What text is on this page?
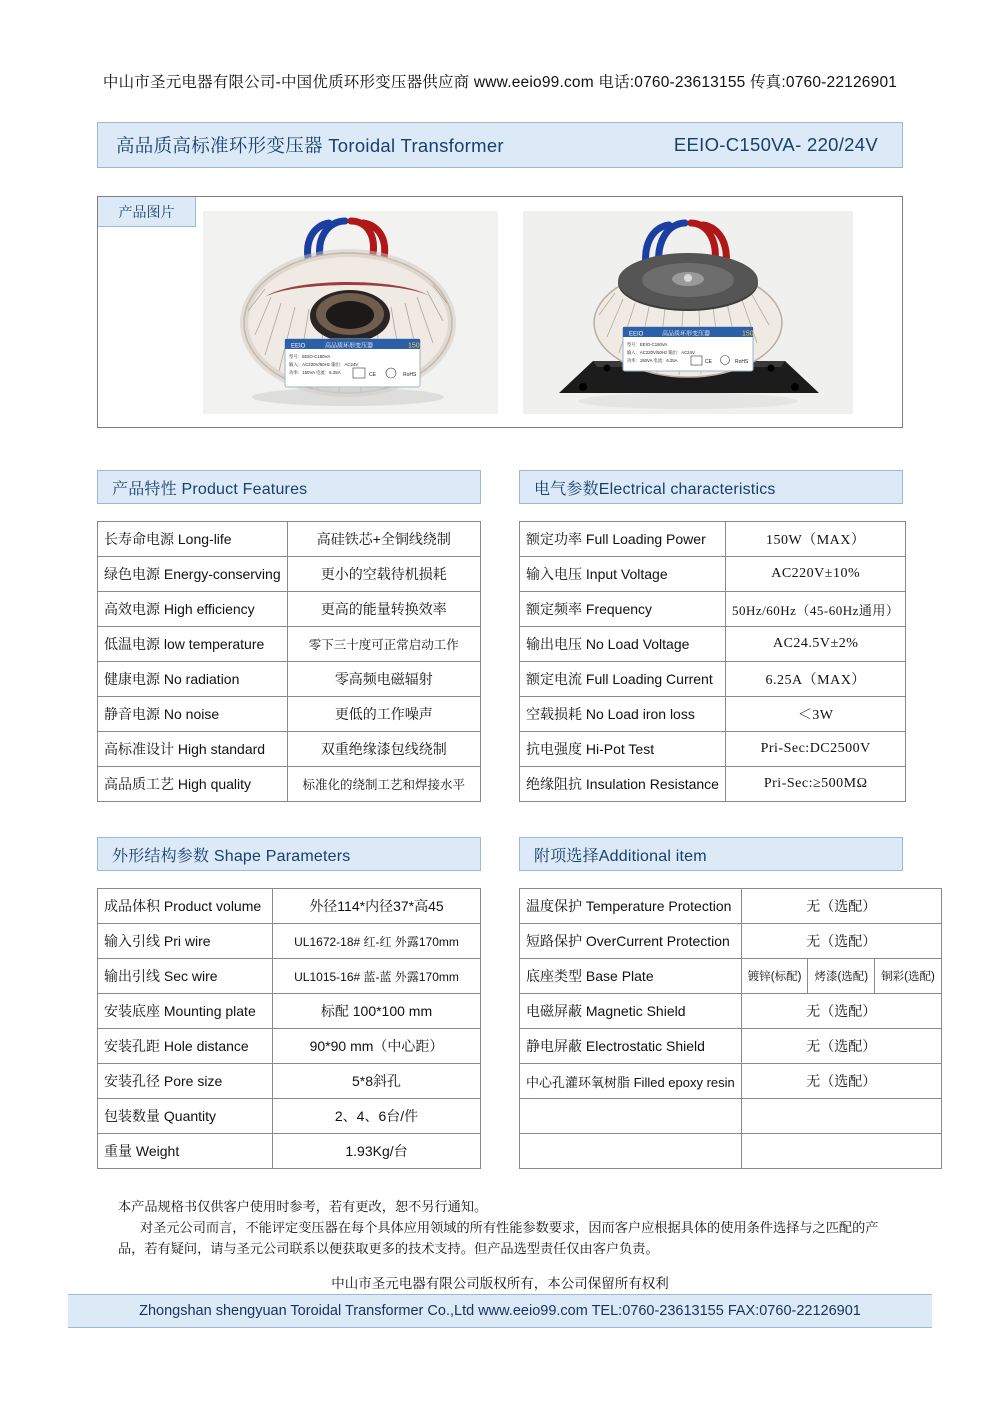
中山市圣元电器有限公司-中国优质环形变压器供应商 www.eeio99.com 电话:0760-23613155 传真:0760-22126901
高品质高标准环形变压器 Toroidal Transformer	EEIO-C150VA- 220/24V
产品图片
EEIO	高品质环形变压器	150
型号：EEIO-C150VA
输入：AC220V/50Hz 输出：AC24V
功率：150VA 电流：6.25A	CE	RoHS
EEIO	高品质环形变压器	150
型号：EEIO-C150VA
输入：AC220V/50Hz 输出：AC24V
功率：150VA 电流：6.25A	CE	RoHS
产品特性 Product Features
长寿命电源 Long-life	高硅铁芯+全铜线绕制
绿色电源 Energy-conserving	更小的空载待机损耗
高效电源 High efficiency	更高的能量转换效率
低温电源 low temperature	零下三十度可正常启动工作
健康电源 No radiation	零高频电磁辐射
静音电源 No noise	更低的工作噪声
高标准设计 High standard	双重绝缘漆包线绕制
高品质工艺 High quality	标准化的绕制工艺和焊接水平
电气参数Electrical characteristics
额定功率 Full Loading Power	150W（MAX）
输入电压 Input Voltage	AC220V±10%
额定频率 Frequency	50Hz/60Hz（45-60Hz通用）
输出电压 No Load Voltage	AC24.5V±2%
额定电流 Full Loading Current	6.25A（MAX）
空载损耗 No Load iron loss	＜3W
抗电强度 Hi-Pot Test	Pri-Sec:DC2500V
绝缘阻抗 Insulation Resistance	Pri-Sec:≥500MΩ
外形结构参数 Shape Parameters
成品体积 Product volume	外径114*内径37*高45
输入引线 Pri wire	UL1672-18# 红-红 外露170mm
输出引线 Sec wire	UL1015-16# 蓝-蓝 外露170mm
安装底座 Mounting plate	标配 100*100 mm
安装孔距 Hole distance	90*90 mm（中心距）
安装孔径 Pore size	5*8斜孔
包装数量 Quantity	2、4、6台/件
重量 Weight	1.93Kg/台
附项选择Additional item
温度保护 Temperature Protection	无（选配）		
短路保护 OverCurrent Protection	无（选配）		
底座类型 Base Plate	镀锌(标配)	烤漆(选配)	铜彩(选配)
电磁屏蔽 Magnetic Shield	无（选配）		
静电屏蔽 Electrostatic Shield	无（选配）		
中心孔灌环氧树脂 Filled epoxy resin	无（选配）		

本产品规格书仅供客户使用时参考，若有更改，恕不另行通知。

对圣元公司而言，不能评定变压器在每个具体应用领域的所有性能参数要求，因而客户应根据具体的使用条件选择与之匹配的产

品，若有疑问，请与圣元公司联系以便获取更多的技术支持。但产品选型责任仅由客户负责。

中山市圣元电器有限公司版权所有，本公司保留所有权利
Zhongshan shengyuan Toroidal Transformer Co.,Ltd www.eeio99.com TEL:0760-23613155 FAX:0760-22126901
